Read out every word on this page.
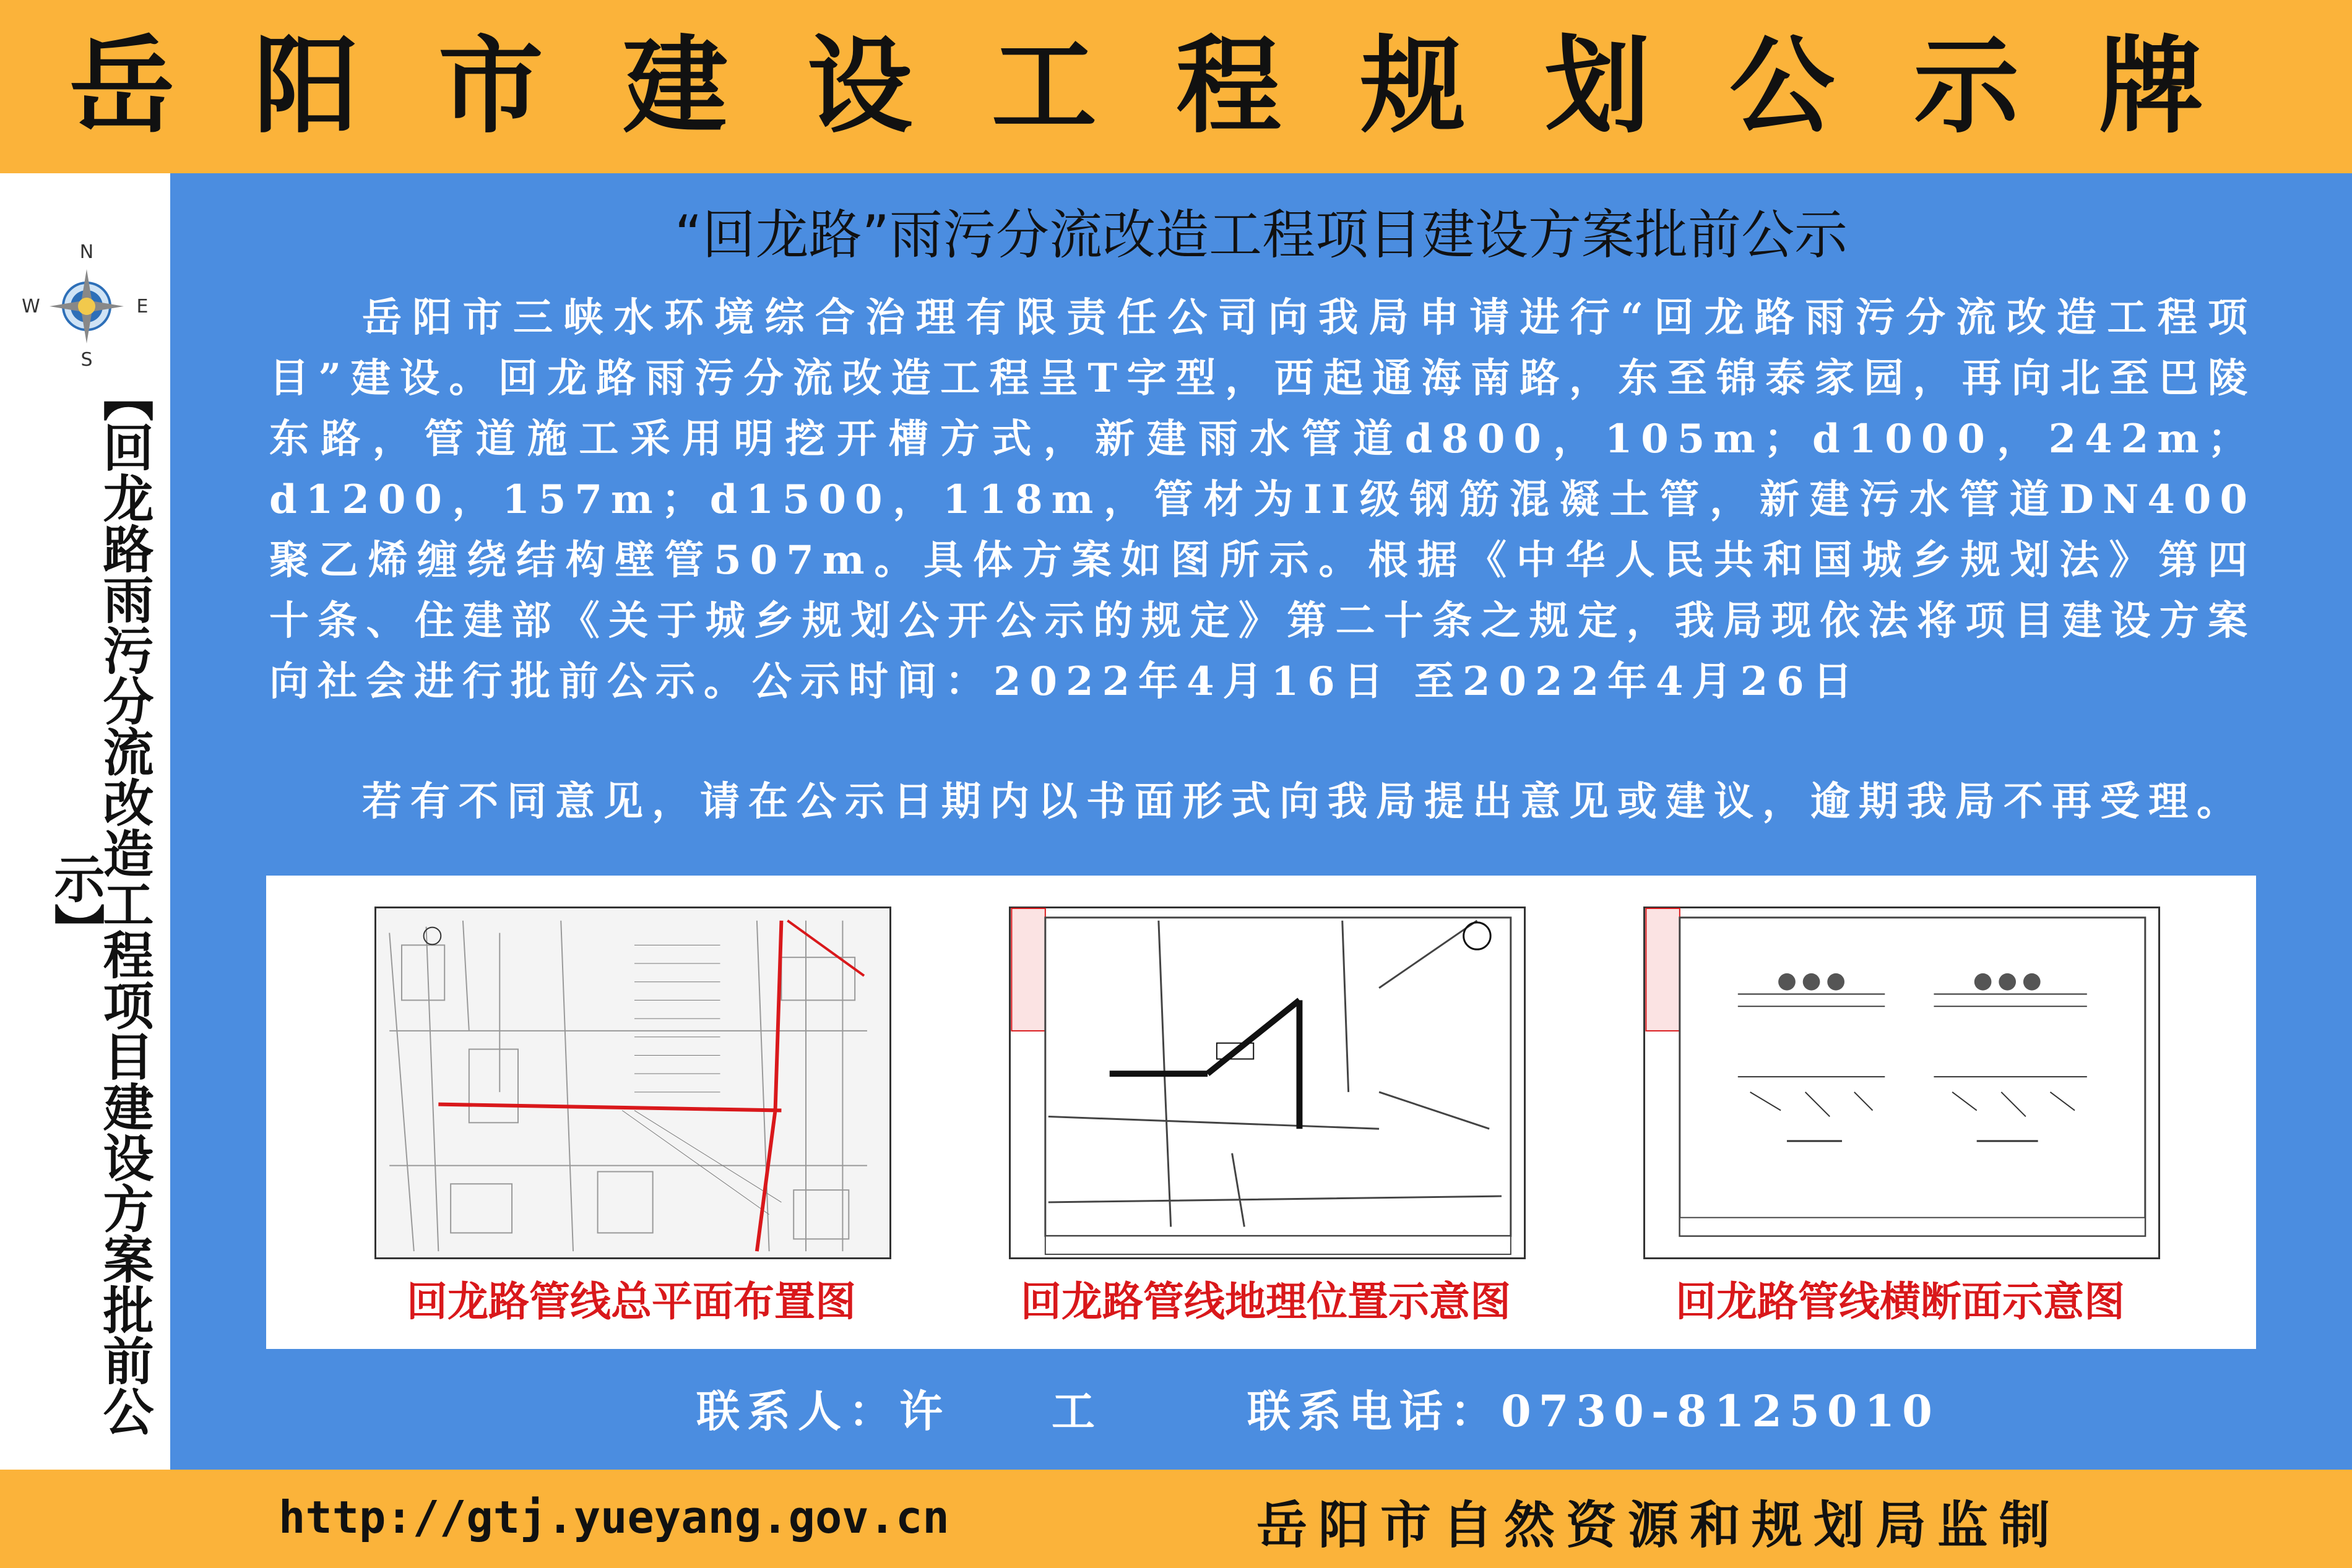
岳阳市建设工程规划公示牌
N
S
W	E
【回龙路雨污分流改造工程项目建设方案批前公示】
“回龙路”雨污分流改造工程项目建设方案批前公示

岳阳市三峡水环境综合治理有限责任公司向我局申请进行“回龙路雨污分流改造工程项目”建设。回龙路雨污分流改造工程呈T字型，西起通海南路，东至锦泰家园，再向北至巴陵东路，管道施工采用明挖开槽方式，新建雨水管道d800，105m；d1000，242m；d1200，157m；d1500，118m，管材为II级钢筋混凝土管，新建污水管道DN400聚乙烯缠绕结构壁管507m。具体方案如图所示。根据《中华人民共和国城乡规划法》第四十条、住建部《关于城乡规划公开公示的规定》第二十条之规定，我局现依法将项目建设方案向社会进行批前公示。公示时间：2022年4月16日 至2022年4月26日

若有不同意见，请在公示日期内以书面形式向我局提出意见或建议，逾期我局不再受理。

回龙路管线总平面布置图	回龙路管线地理位置示意图	回龙路管线横断面示意图
联系人：许　　工	联系电话：0730-8125010
http://gtj.yueyang.gov.cn	岳阳市自然资源和规划局监制
